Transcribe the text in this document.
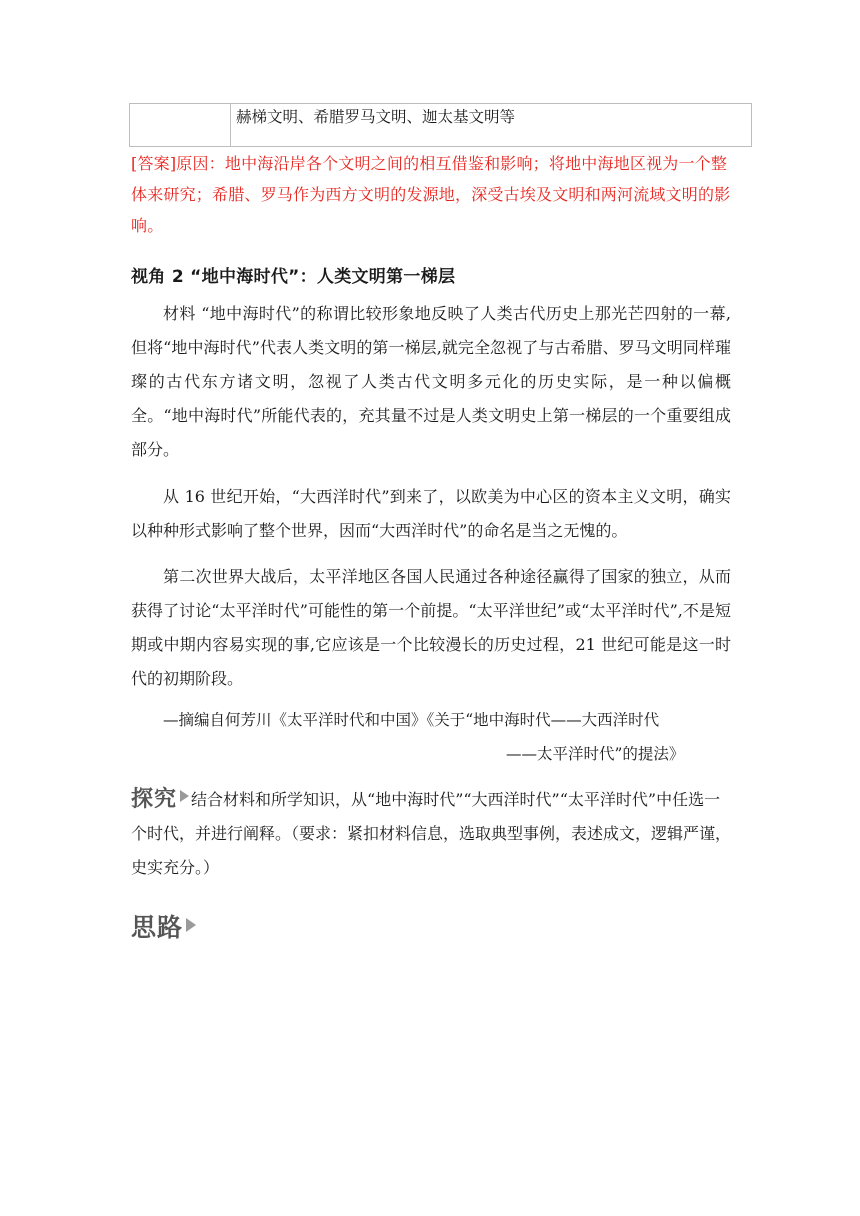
赫梯文明、希腊罗马文明、迦太基文明等
[答案]原因：地中海沿岸各个文明之间的相互借鉴和影响；将地中海地区视为一个整体来研究；希腊、罗马作为西方文明的发源地，深受古埃及文明和两河流域文明的影响。
视角 2 “地中海时代”：人类文明第一梯层
材料 “地中海时代”的称谓比较形象地反映了人类古代历史上那光芒四射的一幕,但将“地中海时代”代表人类文明的第一梯层,就完全忽视了与古希腊、罗马文明同样璀璨的古代东方诸文明，忽视了人类古代文明多元化的历史实际，是一种以偏概全。“地中海时代”所能代表的，充其量不过是人类文明史上第一梯层的一个重要组成部分。
从 16 世纪开始，“大西洋时代”到来了，以欧美为中心区的资本主义文明，确实以种种形式影响了整个世界，因而“大西洋时代”的命名是当之无愧的。
第二次世界大战后，太平洋地区各国人民通过各种途径赢得了国家的独立，从而获得了讨论“太平洋时代”可能性的第一个前提。“太平洋世纪”或“太平洋时代”,不是短期或中期内容易实现的事,它应该是一个比较漫长的历史过程，21 世纪可能是这一时代的初期阶段。
—摘编自何芳川《太平洋时代和中国》《关于“地中海时代——大西洋时代
——太平洋时代”的提法》
探究 结合材料和所学知识，从“地中海时代”“大西洋时代”“太平洋时代”中任选一个时代，并进行阐释。（要求：紧扣材料信息，选取典型事例，表述成文，逻辑严谨，史实充分。）
思路
